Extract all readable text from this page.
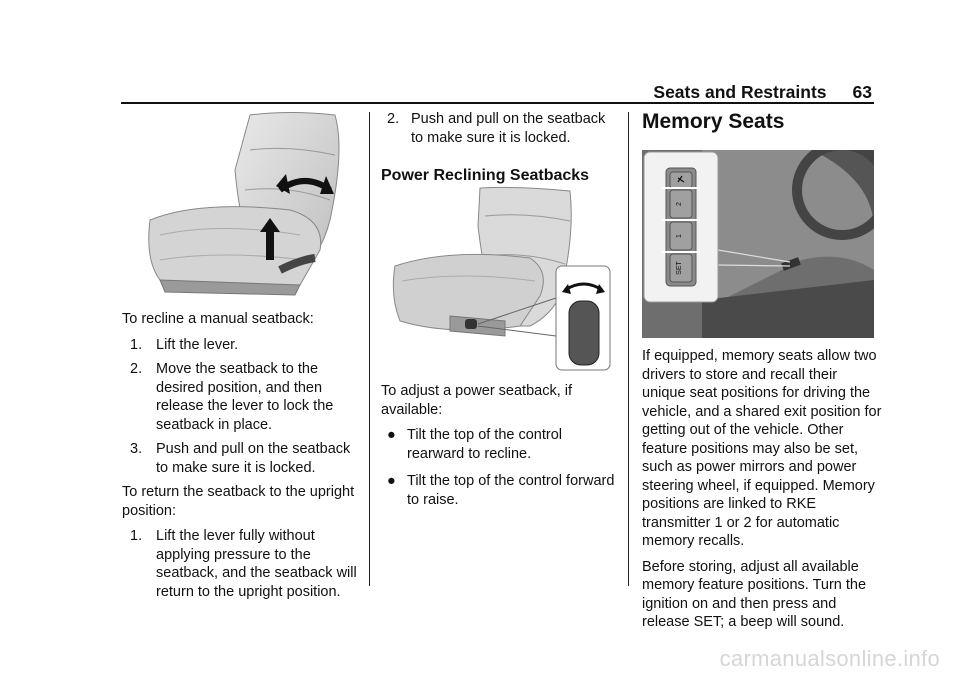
Seats and Restraints 63

To recline a manual seatback:

1. Lift the lever.
2. Move the seatback to the desired position, and then release the lever to lock the seatback in place.
3. Push and pull on the seatback to make sure it is locked.

To return the seatback to the upright position:

1. Lift the lever fully without applying pressure to the seatback, and the seatback will return to the upright position.
2. Push and pull on the seatback to make sure it is locked.
Power Reclining Seatbacks

To adjust a power seatback, if available:

● Tilt the top of the control rearward to recline.
● Tilt the top of the control forward to raise.
Memory Seats
SET
1
2

If equipped, memory seats allow two drivers to store and recall their unique seat positions for driving the vehicle, and a shared exit position for getting out of the vehicle. Other feature positions may also be set, such as power mirrors and power steering wheel, if equipped. Memory positions are linked to RKE transmitter 1 or 2 for automatic memory recalls.

Before storing, adjust all available memory feature positions. Turn the ignition on and then press and release SET; a beep will sound.

carmanualsonline.info
